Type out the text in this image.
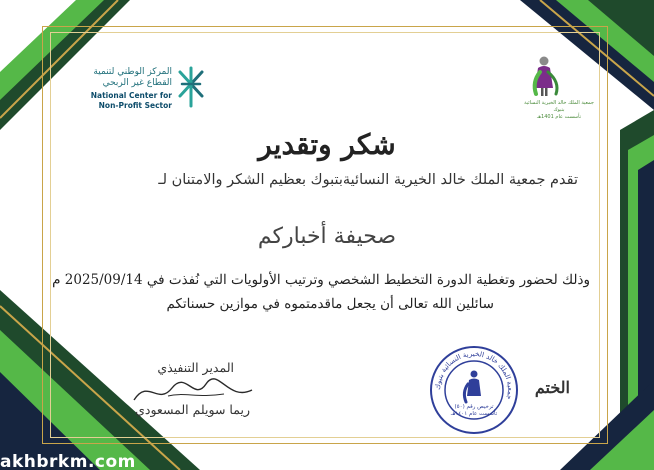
جمعية الملك خالد الخيرية النسائية بتبوك
تأسست عام 1401هـ
المركز الوطني لتنمية
القطاع غير الربحي
National Center for
Non-Profit Sector
شكر وتقدير
تقدم جمعية الملك خالد الخيرية النسائيةبتبوك بعظيم الشكر والامتنان لـ
صحيفة أخباركم
وذلك لحضور وتغطية الدورة التخطيط الشخصي وترتيب الأولويات التي نُفذت في 2025/09/14 م
سائلين الله تعالى أن يجعل ماقدمتموه في موازين حسناتكم
الختم
جمعية الملك خالد الخيرية النسائية بتبوك
ترخيص رقم (٥٠)
تأسست عام ١٤٠١هـ
المدير التنفيذي
ريما سويلم المسعودي
akhbrkm.com
